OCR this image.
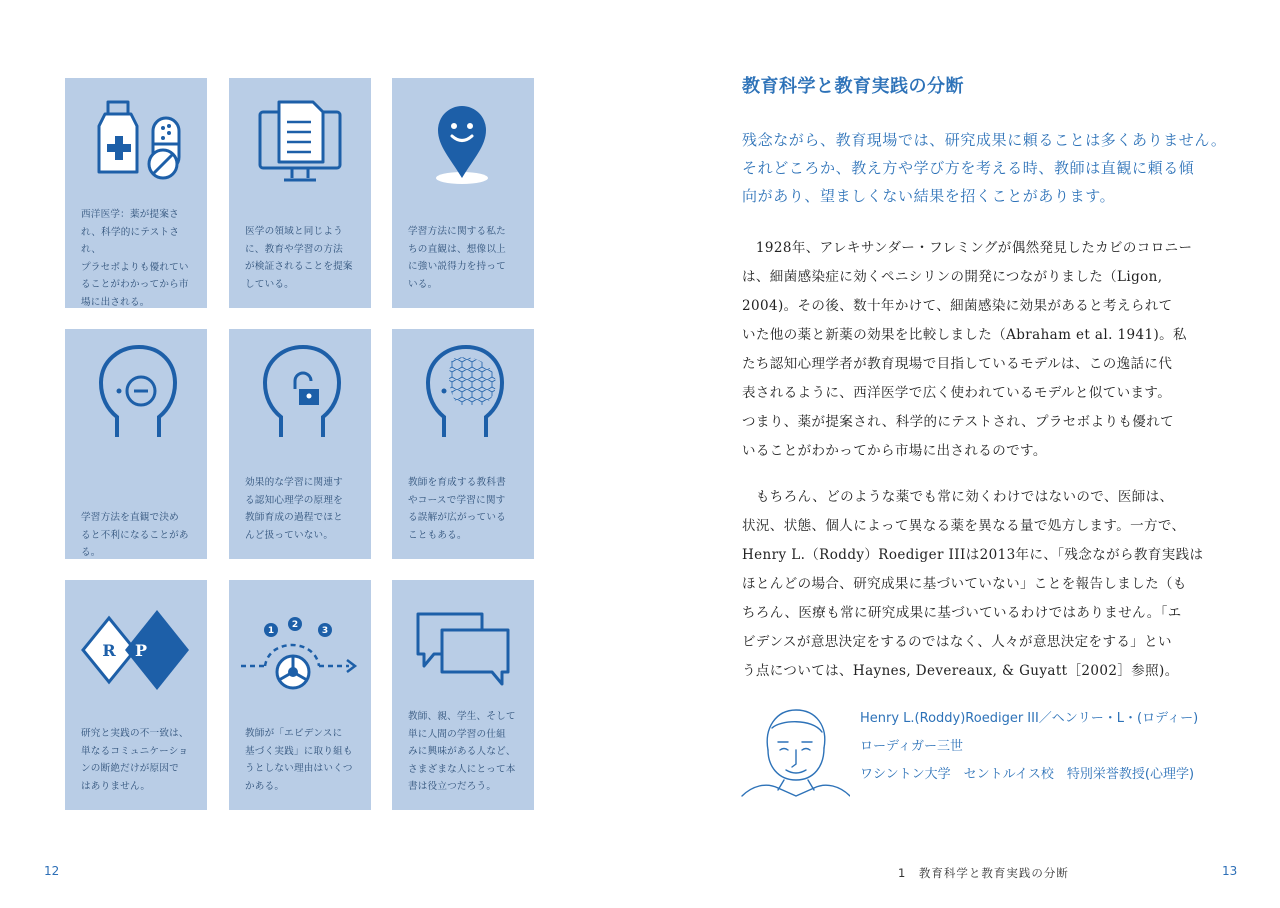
西洋医学：薬が提案さ
れ、科学的にテストされ、
プラセボよりも優れてい
ることがわかってから市
場に出される。
医学の領域と同じよう
に、教育や学習の方法
が検証されることを提案
している。
学習方法に関する私た
ちの直観は、想像以上
に強い説得力を持って
いる。
学習方法を直観で決め
ると不利になることがある。
効果的な学習に関連す
る認知心理学の原理を
教師育成の過程でほと
んど扱っていない。
教師を育成する教科書
やコースで学習に関す
る誤解が広がっている
こともある。
R P
研究と実践の不一致は、
単なるコミュニケーショ
ンの断絶だけが原因で
はありません。
1
2
3
教師が「エビデンスに
基づく実践」に取り組も
うとしない理由はいくつ
かある。
教師、親、学生、そして
単に人間の学習の仕組
みに興味がある人など、
さまざまな人にとって本
書は役立つだろう。
12
教育科学と教育実践の分断
残念ながら、教育現場では、研究成果に頼ることは多くありません。
それどころか、教え方や学び方を考える時、教師は直観に頼る傾
向があり、望ましくない結果を招くことがあります。
　1928年、アレキサンダー・フレミングが偶然発見したカビのコロニー
は、細菌感染症に効くペニシリンの開発につながりました（Ligon,
2004)。その後、数十年かけて、細菌感染に効果があると考えられて
いた他の薬と新薬の効果を比較しました（Abraham et al. 1941)。私
たち認知心理学者が教育現場で目指しているモデルは、この逸話に代
表されるように、西洋医学で広く使われているモデルと似ています。
つまり、薬が提案され、科学的にテストされ、プラセボよりも優れて
いることがわかってから市場に出されるのです。
　もちろん、どのような薬でも常に効くわけではないので、医師は、
状況、状態、個人によって異なる薬を異なる量で処方します。一方で、
Henry L.（Roddy）Roediger IIIは2013年に、「残念ながら教育実践は
ほとんどの場合、研究成果に基づいていない」ことを報告しました（も
ちろん、医療も常に研究成果に基づいているわけではありません。「エ
ビデンスが意思決定をするのではなく、人々が意思決定をする」とい
う点については、Haynes, Devereaux, & Guyatt［2002］参照)。
Henry L.(Roddy)Roediger III／ヘンリー・L・(ロディー)
ローディガー三世
ワシントン大学　セントルイス校　特別栄誉教授(心理学)
1　教育科学と教育実践の分断	13
